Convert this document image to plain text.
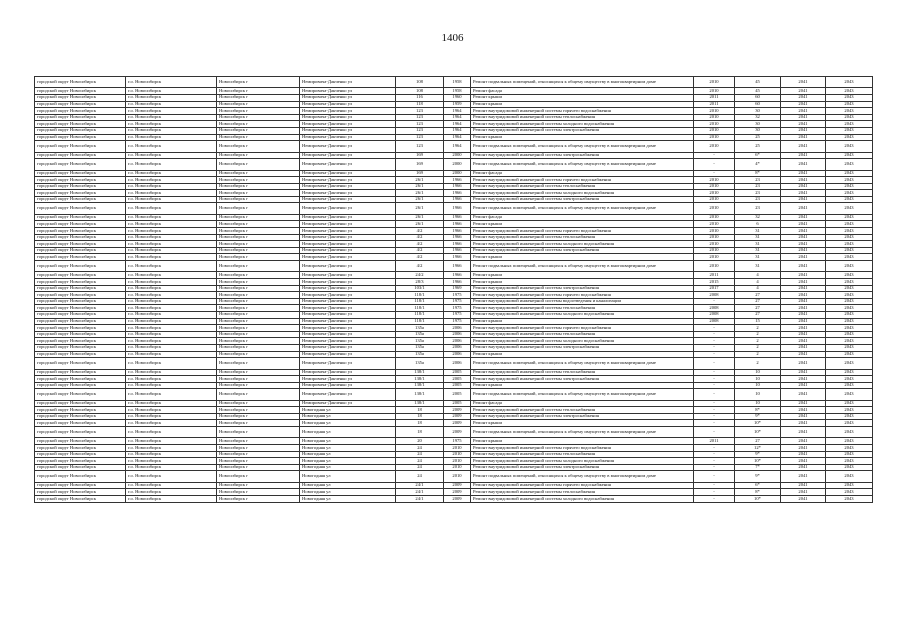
1406
городской округ Новосибирск	г.о. Новосибирск	Новосибирск г	Немировича-Данченко ул	108	1958	Ремонт подвальных помещений, относящихся к общему имуществу в многоквартирном доме	2010	45	2041	2043
городской округ Новосибирск	г.о. Новосибирск	Новосибирск г	Немировича-Данченко ул	108	1958	Ремонт фасада	2010	45	2041	2043
городской округ Новосибирск	г.о. Новосибирск	Новосибирск г	Немировича-Данченко ул	116	1960	Ремонт крыши	2011	60	2041	2043
городской округ Новосибирск	г.о. Новосибирск	Новосибирск г	Немировича-Данченко ул	118	1959	Ремонт крыши	2011	60	2041	2043
городской округ Новосибирск	г.о. Новосибирск	Новосибирск г	Немировича-Данченко ул	123	1964	Ремонт внутридомовой инженерной системы горячего водоснабжения	2010	30	2041	2043
городской округ Новосибирск	г.о. Новосибирск	Новосибирск г	Немировича-Данченко ул	123	1964	Ремонт внутридомовой инженерной системы теплоснабжения	2010	32	2041	2043
городской округ Новосибирск	г.о. Новосибирск	Новосибирск г	Немировича-Данченко ул	123	1964	Ремонт внутридомовой инженерной системы холодного водоснабжения	2010	30	2041	2043
городской округ Новосибирск	г.о. Новосибирск	Новосибирск г	Немировича-Данченко ул	123	1964	Ремонт внутридомовой инженерной системы электроснабжения	2010	30	2041	2043
городской округ Новосибирск	г.о. Новосибирск	Новосибирск г	Немировича-Данченко ул	123	1964	Ремонт крыши	2010	25	2041	2043
городской округ Новосибирск	г.о. Новосибирск	Новосибирск г	Немировича-Данченко ул	123	1964	Ремонт подвальных помещений, относящихся к общему имуществу в многоквартирном доме	2010	25	2041	2043
городской округ Новосибирск	г.о. Новосибирск	Новосибирск г	Немировича-Данченко ул	169	2000	Ремонт внутридомовой инженерной системы электроснабжения	-	6*	2041	2043
городской округ Новосибирск	г.о. Новосибирск	Новосибирск г	Немировича-Данченко ул	169	2000	Ремонт подвальных помещений, относящихся к общему имуществу в многоквартирном доме	-	4*	2041	2043
городской округ Новосибирск	г.о. Новосибирск	Новосибирск г	Немировича-Данченко ул	169	2000	Ремонт фасада	-	8*	2041	2043
городской округ Новосибирск	г.о. Новосибирск	Новосибирск г	Немировича-Данченко ул	26/1	1966	Ремонт внутридомовой инженерной системы горячего водоснабжения	2010	23	2041	2043
городской округ Новосибирск	г.о. Новосибирск	Новосибирск г	Немировича-Данченко ул	26/1	1966	Ремонт внутридомовой инженерной системы теплоснабжения	2010	23	2041	2043
городской округ Новосибирск	г.о. Новосибирск	Новосибирск г	Немировича-Данченко ул	26/1	1966	Ремонт внутридомовой инженерной системы холодного водоснабжения	2010	23	2041	2043
городской округ Новосибирск	г.о. Новосибирск	Новосибирск г	Немировича-Данченко ул	26/1	1966	Ремонт внутридомовой инженерной системы электроснабжения	2010	23	2041	2043
городской округ Новосибирск	г.о. Новосибирск	Новосибирск г	Немировича-Данченко ул	26/1	1966	Ремонт подвальных помещений, относящихся к общему имуществу в многоквартирном доме	2010	23	2041	2043
городской округ Новосибирск	г.о. Новосибирск	Новосибирск г	Немировича-Данченко ул	26/1	1966	Ремонт фасада	2010	32	2041	2043
городской округ Новосибирск	г.о. Новосибирск	Новосибирск г	Немировича-Данченко ул	26/1	1966	Ремонт крыши	2010	6	2041	2043
городской округ Новосибирск	г.о. Новосибирск	Новосибирск г	Немировича-Данченко ул	4/2	1966	Ремонт внутридомовой инженерной системы горячего водоснабжения	2010	31	2041	2043
городской округ Новосибирск	г.о. Новосибирск	Новосибирск г	Немировича-Данченко ул	4/2	1966	Ремонт внутридомовой инженерной системы теплоснабжения	2010	31	2041	2043
городской округ Новосибирск	г.о. Новосибирск	Новосибирск г	Немировича-Данченко ул	4/2	1966	Ремонт внутридомовой инженерной системы холодного водоснабжения	2010	31	2041	2043
городской округ Новосибирск	г.о. Новосибирск	Новосибирск г	Немировича-Данченко ул	4/2	1966	Ремонт внутридомовой инженерной системы электроснабжения	2010	31	2041	2043
городской округ Новосибирск	г.о. Новосибирск	Новосибирск г	Немировича-Данченко ул	4/2	1966	Ремонт крыши	2010	31	2041	2043
городской округ Новосибирск	г.о. Новосибирск	Новосибирск г	Немировича-Данченко ул	4/2	1966	Ремонт подвальных помещений, относящихся к общему имуществу в многоквартирном доме	2010	31	2041	2043
городской округ Новосибирск	г.о. Новосибирск	Новосибирск г	Немировича-Данченко ул	24/2	1966	Ремонт крыши	2011	4	2041	2043
городской округ Новосибирск	г.о. Новосибирск	Новосибирск г	Немировича-Данченко ул	28/3	1966	Ремонт крыши	2015	4	2041	2043
городской округ Новосибирск	г.о. Новосибирск	Новосибирск г	Немировича-Данченко ул	103/1	1969	Ремонт внутридомовой инженерной системы электроснабжения	2017	4	2041	2043
городской округ Новосибирск	г.о. Новосибирск	Новосибирск г	Немировича-Данченко ул	118/1	1975	Ремонт внутридомовой инженерной системы горячего водоснабжения	2008	27	2041	2043
городской округ Новосибирск	г.о. Новосибирск	Новосибирск г	Немировича-Данченко ул	118/1	1975	Ремонт внутридомовой инженерной системы водоотведения и канализации	-	27	2041	2043
городской округ Новосибирск	г.о. Новосибирск	Новосибирск г	Немировича-Данченко ул	118/1	1975	Ремонт внутридомовой инженерной системы теплоснабжения	2008	27	2041	2043
городской округ Новосибирск	г.о. Новосибирск	Новосибирск г	Немировича-Данченко ул	118/1	1975	Ремонт внутридомовой инженерной системы холодного водоснабжения	2008	27	2041	2043
городской округ Новосибирск	г.о. Новосибирск	Новосибирск г	Немировича-Данченко ул	118/1	1975	Ремонт крыши	2008	15	2041	2043
городской округ Новосибирск	г.о. Новосибирск	Новосибирск г	Немировича-Данченко ул	135а	2006	Ремонт внутридомовой инженерной системы горячего водоснабжения	-	2	2041	2043
городской округ Новосибирск	г.о. Новосибирск	Новосибирск г	Немировича-Данченко ул	135а	2006	Ремонт внутридомовой инженерной системы теплоснабжения	-	2	2041	2043
городской округ Новосибирск	г.о. Новосибирск	Новосибирск г	Немировича-Данченко ул	135а	2006	Ремонт внутридомовой инженерной системы холодного водоснабжения	-	2	2041	2043
городской округ Новосибирск	г.о. Новосибирск	Новосибирск г	Немировича-Данченко ул	135а	2006	Ремонт внутридомовой инженерной системы электроснабжения	-	2	2041	2043
городской округ Новосибирск	г.о. Новосибирск	Новосибирск г	Немировича-Данченко ул	135а	2006	Ремонт крыши	-	2	2041	2043
городской округ Новосибирск	г.о. Новосибирск	Новосибирск г	Немировича-Данченко ул	135а	2006	Ремонт подвальных помещений, относящихся к общему имуществу в многоквартирном доме	-	2	2041	2043
городской округ Новосибирск	г.о. Новосибирск	Новосибирск г	Немировича-Данченко ул	138/1	2005	Ремонт внутридомовой инженерной системы теплоснабжения	-	10	2041	2043
городской округ Новосибирск	г.о. Новосибирск	Новосибирск г	Немировича-Данченко ул	138/1	2005	Ремонт внутридомовой инженерной системы электроснабжения	-	10	2041	2043
городской округ Новосибирск	г.о. Новосибирск	Новосибирск г	Немировича-Данченко ул	138/1	2005	Ремонт крыши	-	10	2041	2043
городской округ Новосибирск	г.о. Новосибирск	Новосибирск г	Немировича-Данченко ул	138/1	2005	Ремонт подвальных помещений, относящихся к общему имуществу в многоквартирном доме	-	10	2041	2043
городской округ Новосибирск	г.о. Новосибирск	Новосибирск г	Немировича-Данченко ул	138/1	2005	Ремонт фасада	-	10	2041	2043
городской округ Новосибирск	г.о. Новосибирск	Новосибирск г	Новогодняя ул	18	2009	Ремонт внутридомовой инженерной системы теплоснабжения	-	8*	2041	2043
городской округ Новосибирск	г.о. Новосибирск	Новосибирск г	Новогодняя ул	18	2009	Ремонт внутридомовой инженерной системы электроснабжения	-	9*	2041	2043
городской округ Новосибирск	г.о. Новосибирск	Новосибирск г	Новогодняя ул	18	2009	Ремонт крыши	-	10*	2041	2043
городской округ Новосибирск	г.о. Новосибирск	Новосибирск г	Новогодняя ул	18	2009	Ремонт подвальных помещений, относящихся к общему имуществу в многоквартирном доме	-	10*	2041	2043
городской округ Новосибирск	г.о. Новосибирск	Новосибирск г	Новогодняя ул	20	1975	Ремонт крыши	2011	27	2041	2043
городской округ Новосибирск	г.о. Новосибирск	Новосибирск г	Новогодняя ул	24	2010	Ремонт внутридомовой инженерной системы горячего водоснабжения	-	12*	2041	2043
городской округ Новосибирск	г.о. Новосибирск	Новосибирск г	Новогодняя ул	24	2010	Ремонт внутридомовой инженерной системы теплоснабжения	-	9*	2041	2043
городской округ Новосибирск	г.о. Новосибирск	Новосибирск г	Новогодняя ул	24	2010	Ремонт внутридомовой инженерной системы холодного водоснабжения	-	10*	2041	2043
городской округ Новосибирск	г.о. Новосибирск	Новосибирск г	Новогодняя ул	24	2010	Ремонт внутридомовой инженерной системы электроснабжения	-	7*	2041	2043
городской округ Новосибирск	г.о. Новосибирск	Новосибирск г	Новогодняя ул	24	2010	Ремонт подвальных помещений, относящихся к общему имуществу в многоквартирном доме	-	9*	2041	2043
городской округ Новосибирск	г.о. Новосибирск	Новосибирск г	Новогодняя ул	24/1	2009	Ремонт внутридомовой инженерной системы горячего водоснабжения	-	6*	2041	2043
городской округ Новосибирск	г.о. Новосибирск	Новосибирск г	Новогодняя ул	24/1	2009	Ремонт внутридомовой инженерной системы теплоснабжения	-	8*	2041	2043
городской округ Новосибирск	г.о. Новосибирск	Новосибирск г	Новогодняя ул	24/1	2009	Ремонт внутридомовой инженерной системы холодного водоснабжения	-	10*	2041	2043
